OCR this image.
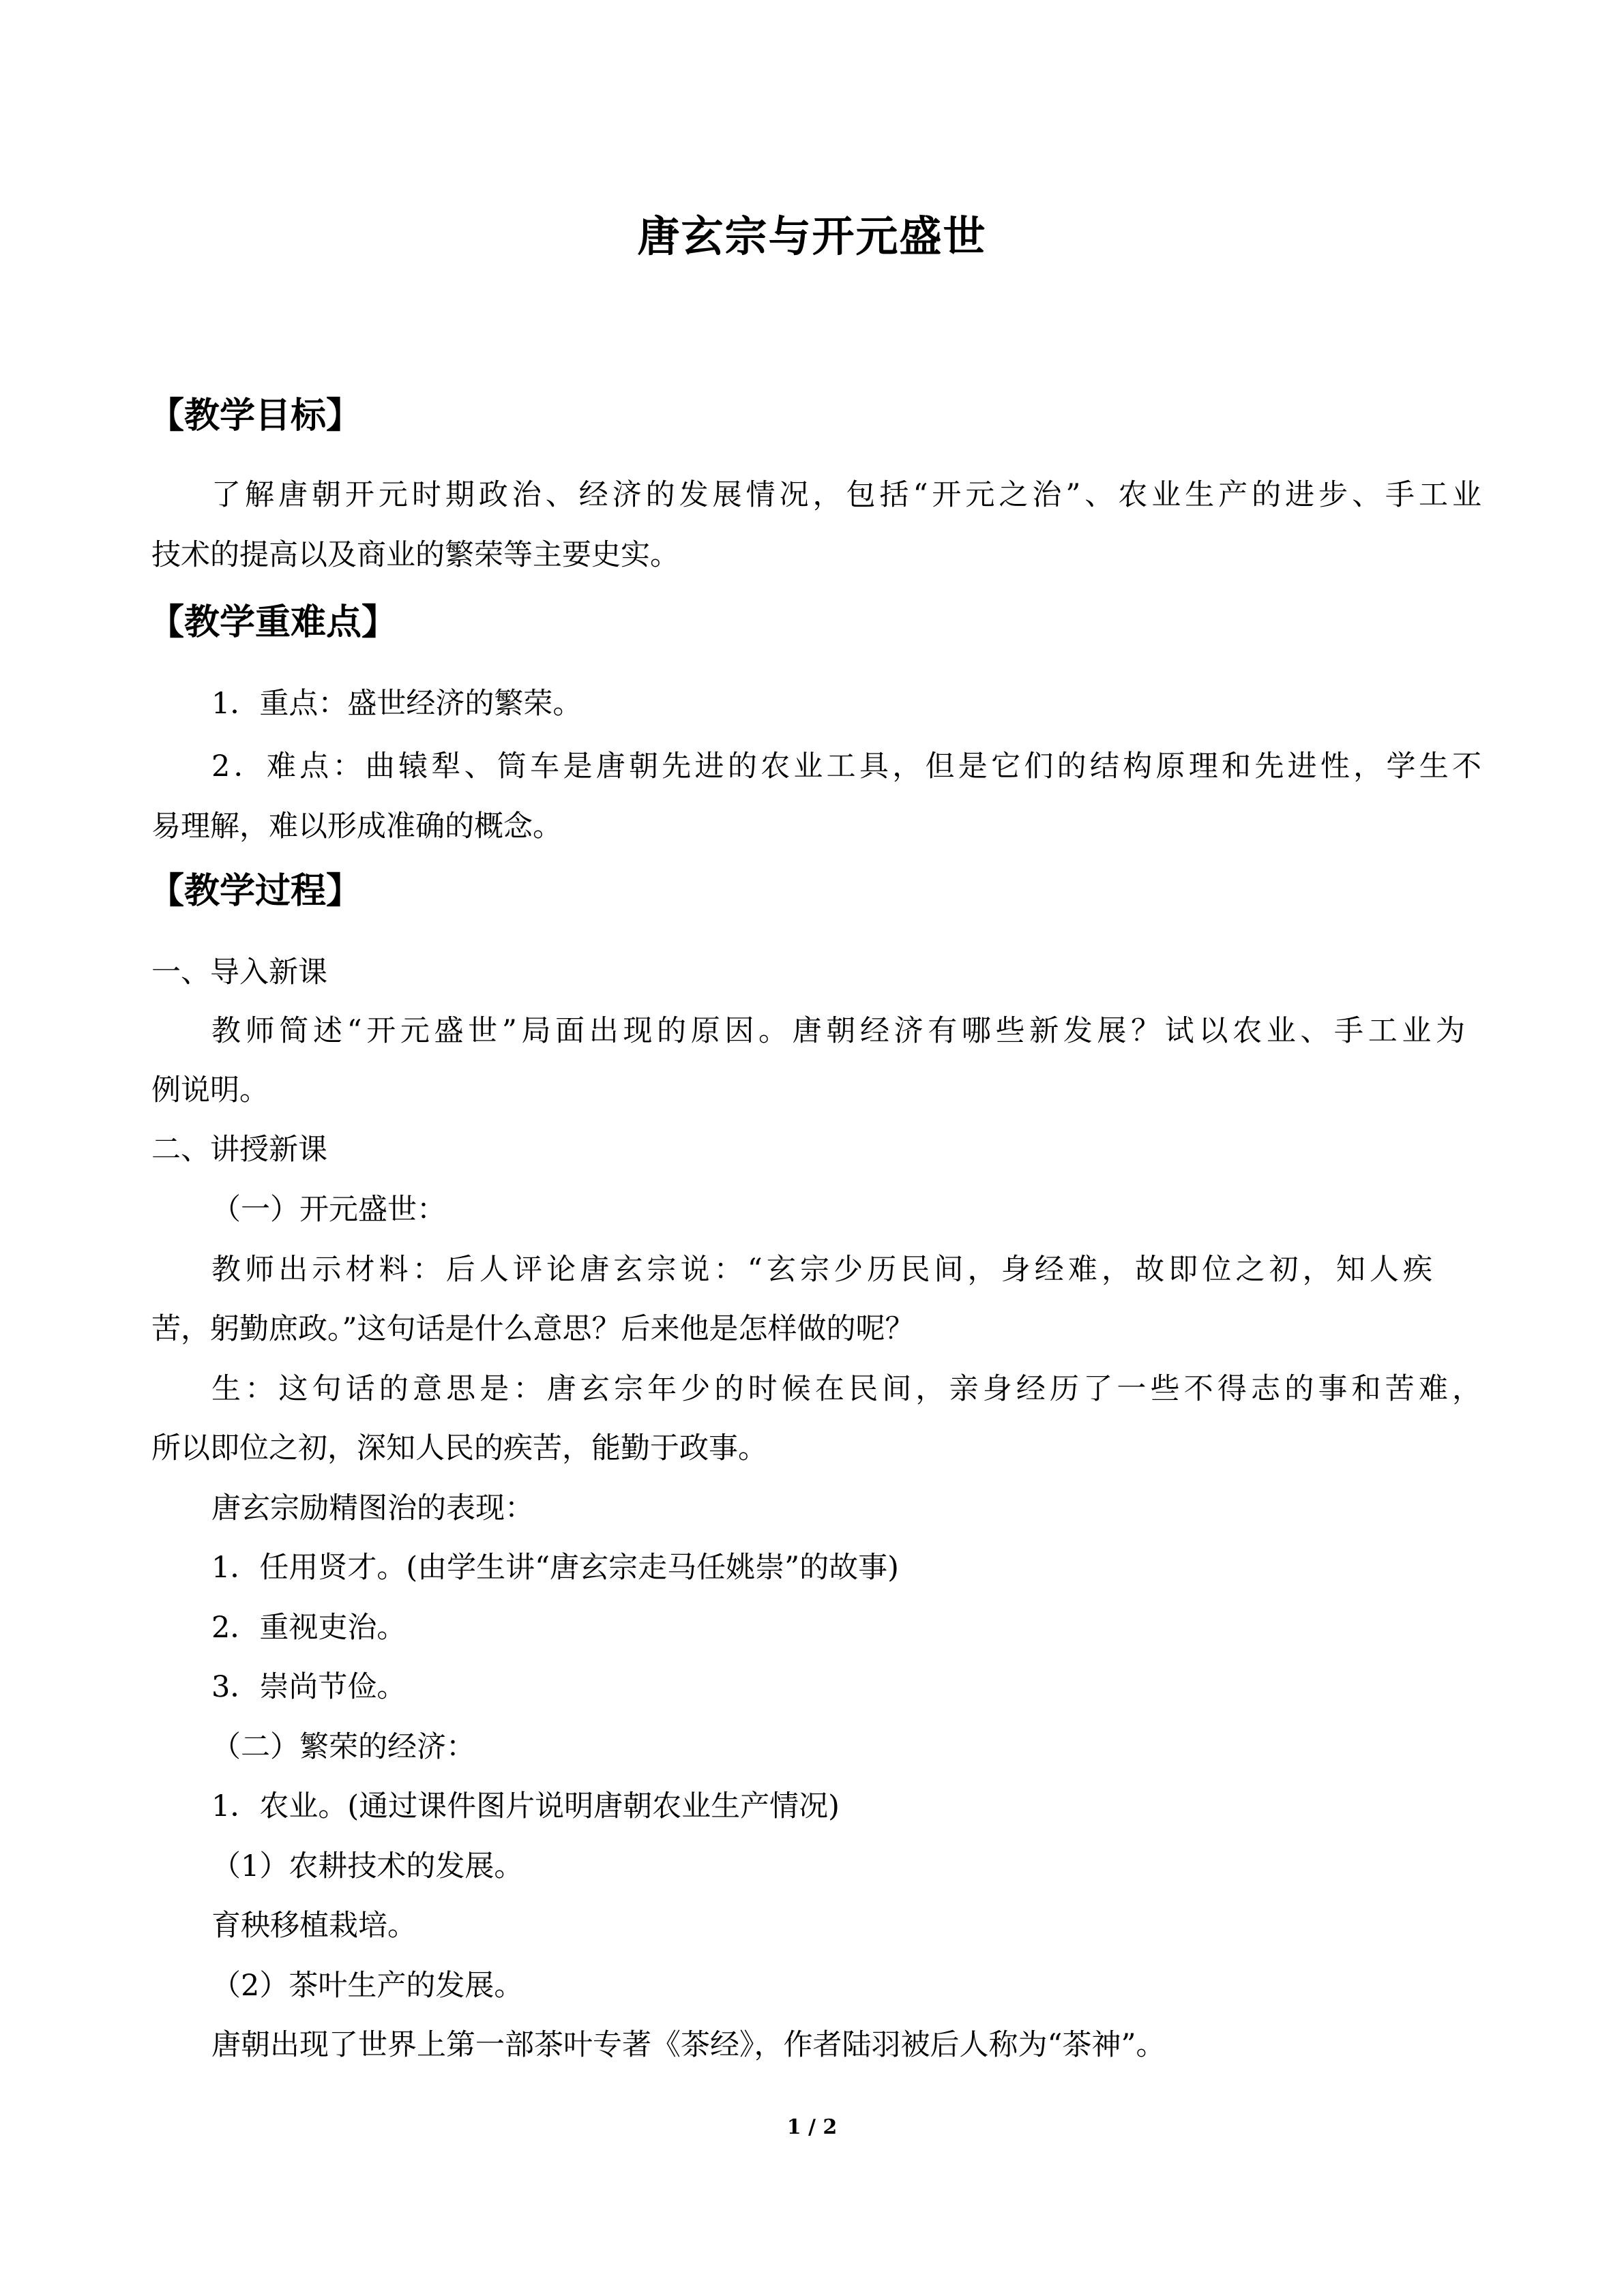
唐玄宗与开元盛世
【教学目标】
了解唐朝开元时期政治、经济的发展情况，包括“开元之治”、农业生产的进步、手工业
技术的提高以及商业的繁荣等主要史实。
【教学重难点】
1．重点：盛世经济的繁荣。
2．难点：曲辕犁、筒车是唐朝先进的农业工具，但是它们的结构原理和先进性，学生不
易理解，难以形成准确的概念。
【教学过程】
一、导入新课
教师简述“开元盛世”局面出现的原因。唐朝经济有哪些新发展？试以农业、手工业为
例说明。
二、讲授新课
（一）开元盛世：
教师出示材料：后人评论唐玄宗说：“玄宗少历民间，身经难，故即位之初，知人疾
苦，躬勤庶政。”这句话是什么意思？后来他是怎样做的呢？
生：这句话的意思是：唐玄宗年少的时候在民间，亲身经历了一些不得志的事和苦难，
所以即位之初，深知人民的疾苦，能勤于政事。
唐玄宗励精图治的表现：
1．任用贤才。(由学生讲“唐玄宗走马任姚崇”的故事)
2．重视吏治。
3．崇尚节俭。
（二）繁荣的经济：
1．农业。(通过课件图片说明唐朝农业生产情况)
（1）农耕技术的发展。
育秧移植栽培。
（2）茶叶生产的发展。
唐朝出现了世界上第一部茶叶专著《茶经》，作者陆羽被后人称为“茶神”。
1 / 2
